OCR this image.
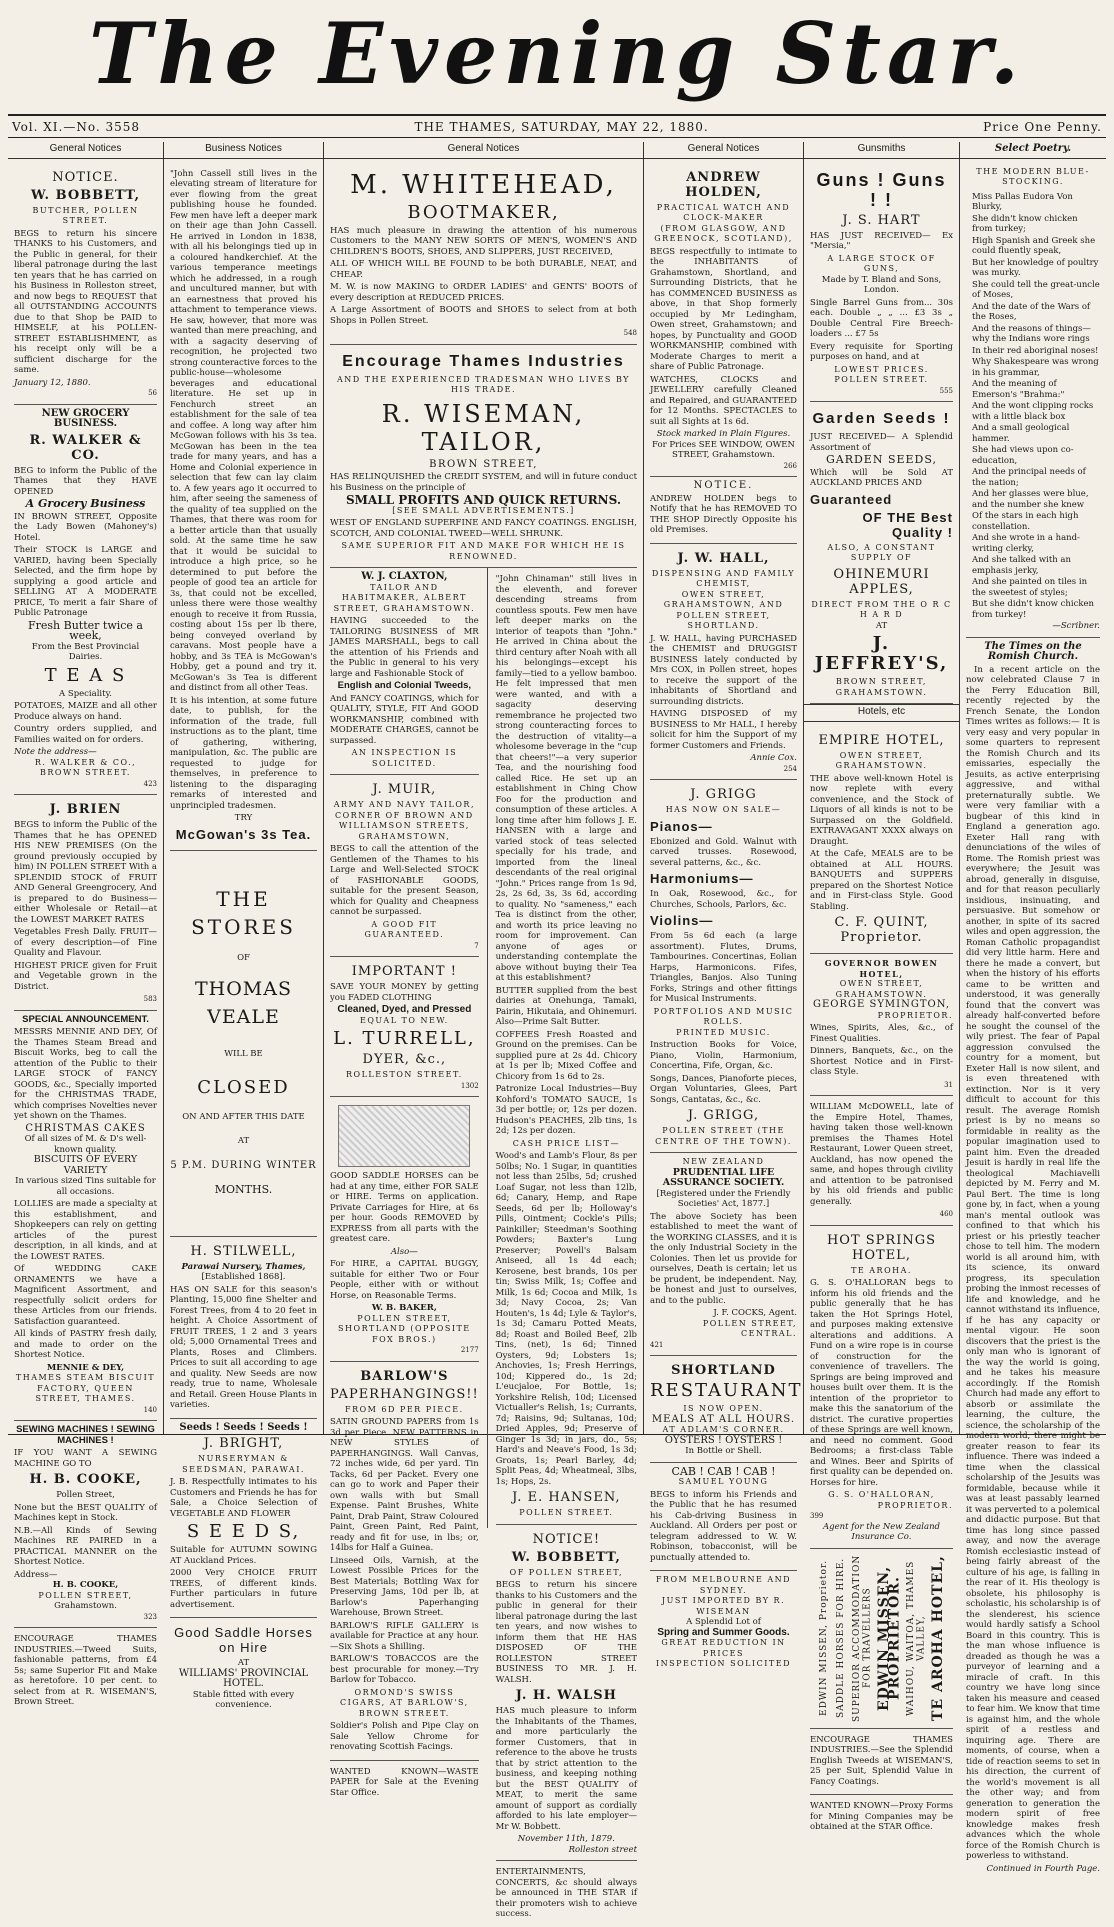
The Evening Star.
Vol. XI.—No. 3558	THE THAMES, SATURDAY, MAY 22, 1880.	Price One Penny.
General Notices
NOTICE.
W. BOBBETT,
BUTCHER, POLLEN STREET.

BEGS to return his sincere THANKS to his Customers, and the Public in general, for their liberal patronage during the last ten years that he has carried on his Business in Rolleston street, and now begs to REQUEST that all OUTSTANDING ACCOUNTS due to that Shop be PAID to HIMSELF, at his POLLEN-STREET ESTABLISHMENT, as his receipt only will be a sufficient discharge for the same.

January 12, 1880.
56
NEW GROCERY BUSINESS.
R. WALKER & CO.

BEG to inform the Public of the Thames that they HAVE OPENED

A Grocery Business

IN BROWN STREET, Opposite the Lady Bowen (Mahoney's) Hotel.

Their STOCK is LARGE and VARIED, having been Specially Selected, and the firm hope by supplying a good article and SELLING AT A MODERATE PRICE, To merit a fair Share of Public Patronage

Fresh Butter twice a week,
From the Best Provincial Dairies.
T E A S
A Speciality.

POTATOES, MAIZE and all other Produce always on hand.

Country orders supplied, and Families waited on for orders.

Note the address—
R. WALKER & CO., BROWN STREET.
423
J. BRIEN

BEGS to inform the Public of the Thames that he has OPENED HIS NEW PREMISES (On the ground previously occupied by him) IN POLLEN STREET With a SPLENDID STOCK of FRUIT AND General Greengrocery, And is prepared to do Business—either Wholesale or Retail—at the LOWEST MARKET RATES

Vegetables Fresh Daily. FRUIT—of every description—of Fine Quality and Flavour.

HIGHEST PRICE given for Fruit and Vegetable grown in the District.

583
SPECIAL ANNOUNCEMENT.

MESSRS MENNIE AND DEY, Of the Thames Steam Bread and Biscuit Works, beg to call the attention of the Public to their LARGE STOCK of FANCY GOODS, &c., Specially imported for the CHRISTMAS TRADE, which comprises Novelties never yet shown on the Thames.

CHRISTMAS CAKES
Of all sizes of M. & D's well-known quality.
BISCUITS OF EVERY VARIETY
In various sized Tins suitable for all occasions.

LOLLIES are made a specialty at this establishment, and Shopkeepers can rely on getting articles of the purest description, in all kinds, and at the LOWEST RATES.

Of WEDDING CAKE ORNAMENTS we have a Magnificent Assortment, and respectfully solicit orders for these Articles from our friends. Satisfaction guaranteed.

All kinds of PASTRY fresh daily, and made to order on the Shortest Notice.

MENNIE & DEY,
THAMES STEAM BISCUIT FACTORY, QUEEN STREET, THAMES.
140
SEWING MACHINES ! SEWING MACHINES !

IF YOU WANT A SEWING MACHINE GO TO

H. B. COOKE,
Pollen Street,

None but the BEST QUALITY of Machines kept in Stock.

N.B.—All Kinds of Sewing Machines RE PAIRED in a PRACTICAL MANNER on the Shortest Notice.

Address—
H. B. COOKE,
POLLEN STREET,
Grahamstown.
323

ENCOURAGE THAMES INDUSTRIES.—Tweed Suits, fashionable patterns, from £4 5s; same Superior Fit and Make as heretofore. 10 per cent. to select from at R. WISEMAN'S, Brown Street.

Business Notices

"John Cassell still lives in the elevating stream of literature for ever flowing from the great publishing house he founded. Few men have left a deeper mark on their age than John Cassell. He arrived in London in 1838, with all his belongings tied up in a coloured handkerchief. At the various temperance meetings which he addressed, in a rough and uncultured manner, but with an earnestness that proved his attachment to temperance views. He saw, however, that more was wanted than mere preaching, and with a sagacity deserving of recognition, he projected two strong counteractive forces to the public-house—wholesome beverages and educational literature. He set up in Fenchurch street an establishment for the sale of tea and coffee. A long way after him McGowan follows with his 3s tea. McGowan has been in the tea trade for many years, and has a Home and Colonial experience in selection that few can lay claim to. A few years ago it occurred to him, after seeing the sameness of the quality of tea supplied on the Thames, that there was room for a better article than that usually sold. At the same time he saw that it would be suicidal to introduce a high price, so he determined to put before the people of good tea an article for 3s, that could not be excelled, unless there were those wealthy enough to receive it from Russia, costing about 15s per lb there, being conveyed overland by caravans. Most people have a hobby, and 3s TEA is McGowan's Hobby, get a pound and try it. McGowan's 3s Tea is different and distinct from all other Teas.

It is his intention, at some future date, to publish, for the information of the trade, full instructions as to the plant, time of gathering, withering, manipulation, &c. The public are requested to judge for themselves, in preference to listening to the disparaging remarks of interested and unprincipled tradesmen.

TRY
McGowan's 3s Tea.
THE STORES
OF
THOMAS VEALE
WILL BE
CLOSED
ON AND AFTER THIS DATE
AT
5 P.M. DURING WINTER
MONTHS.
H. STILWELL,
Parawai Nursery, Thames,
[Established 1868].

HAS ON SALE for this season's Planting, 15,000 fine Shelter and Forest Trees, from 4 to 20 feet in height. A Choice Assortment of FRUIT TREES, 1 2 and 3 years old; 5,000 Ornamental Trees and Plants, Roses and Climbers. Prices to suit all according to age and quality. New Seeds are now ready, true to name, Wholesale and Retail. Green House Plants in varieties.

Seeds ! Seeds ! Seeds !
J. BRIGHT,
NURSERYMAN & SEEDSMAN, PARAWAI.

J. B. Respectfully intimates to his Customers and Friends he has for Sale, a Choice Selection of VEGETABLE AND FLOWER

S E E D S,

Suitable for AUTUMN SOWING AT Auckland Prices.

2000 Very CHOICE FRUIT TREES, of different kinds. Further particulars in future advertisement.

Good Saddle Horses on Hire
AT
WILLIAMS' PROVINCIAL HOTEL.
Stable fitted with every convenience.
General Notices
M. WHITEHEAD,
BOOTMAKER,

HAS much pleasure in drawing the attention of his numerous Customers to the MANY NEW SORTS OF MEN'S, WOMEN'S AND CHILDREN'S BOOTS, SHOES, AND SLIPPERS, JUST RECEIVED,

ALL OF WHICH WILL BE FOUND to be both DURABLE, NEAT, and CHEAP.

M. W. is now MAKING to ORDER LADIES' and GENTS' BOOTS of every description at REDUCED PRICES.

A Large Assortment of BOOTS and SHOES to select from at both Shops in Pollen Street.

548
Encourage Thames Industries
AND THE EXPERIENCED TRADESMAN WHO LIVES BY HIS TRADE.
R. WISEMAN, TAILOR,
BROWN STREET,

HAS RELINQUISHED the CREDIT SYSTEM, and will in future conduct his Business on the principle of

SMALL PROFITS AND QUICK RETURNS.
[SEE SMALL ADVERTISEMENTS.]

WEST OF ENGLAND SUPERFINE AND FANCY COATINGS. ENGLISH, SCOTCH, AND COLONIAL TWEED—WELL SHRUNK.

SAME SUPERIOR FIT AND MAKE FOR WHICH HE IS RENOWNED.
W. J. CLAXTON,
TAILOR AND HABITMAKER, ALBERT STREET, GRAHAMSTOWN.

HAVING succeeded to the TAILORING BUSINESS of MR JAMES MARSHALL, begs to call the attention of his Friends and the Public in general to his very large and Fashionable Stock of

English and Colonial Tweeds,

And FANCY COATINGS, which for QUALITY, STYLE, FIT And GOOD WORKMANSHIP, combined with MODERATE CHARGES, cannot be surpassed.

AN INSPECTION IS SOLICITED.
J. MUIR,
ARMY AND NAVY TAILOR, CORNER OF BROWN AND WILLIAMSON STREETS, GRAHAMSTOWN,

BEGS to call the attention of the Gentlemen of the Thames to his Large and Well-Selected STOCK of FASHIONABLE GOODS, suitable for the present Season, which for Quality and Cheapness cannot be surpassed.

A GOOD FIT GUARANTEED.
7
IMPORTANT !

SAVE YOUR MONEY by getting you FADED CLOTHING

Cleaned, Dyed, and Pressed
EQUAL TO NEW.
L. TURRELL,
DYER, &c.,
ROLLESTON STREET.
1302

GOOD SADDLE HORSES can be had at any time, either FOR SALE or HIRE. Terms on application. Private Carriages for Hire, at 6s per hour. Goods REMOVED by EXPRESS from all parts with the greatest care.

Also—

For HIRE, a CAPITAL BUGGY, suitable for either Two or Four People, either with or without Horse, on Reasonable Terms.

W. B. BAKER,
POLLEN STREET, SHORTLAND (OPPOSITE FOX BROS.)
2177
BARLOW'S
PAPERHANGINGS!!
FROM 6D PER PIECE.

SATIN GROUND PAPERS from 1s 3d per Piece. NEW PATTERNS in NEW STYLES of PAPERHANGINGS. Wall Canvas, 72 inches wide, 6d per yard. Tin Tacks, 6d per Packet. Every one can go to work and Paper their own walls with but Small Expense. Paint Brushes, White Paint, Drab Paint, Straw Coloured Paint, Green Paint, Red Paint, ready and fit for use, in lbs; or, 14lbs for Half a Guinea.

Linseed Oils, Varnish, at the Lowest Possible Prices for the Best Materials; Bottling Wax for Preserving Jams, 10d per lb, at Barlow's Paperhanging Warehouse, Brown Street.

BARLOW'S RIFLE GALLERY is available for Practice at any hour.—Six Shots a Shilling.

BARLOW'S TOBACCOS are the best procurable for money.—Try Barlow for Tobacco.

ORMOND'S SWISS CIGARS, AT BARLOW'S, BROWN STREET.

Soldier's Polish and Pipe Clay on Sale Yellow Chrome for renovating Scottish Facings.

WANTED KNOWN—WASTE PAPER for Sale at the Evening Star Office.

"John Chinaman" still lives in the eleventh, and forever descending streams from countless spouts. Few men have left deeper marks on the interior of teapots than "John." He arrived in China about the third century after Noah with all his belongings—except his family—tied to a yellow bamboo. He felt impressed that men were wanted, and with a sagacity deserving remembrance he projected two strong counteracting forces to the destruction of vitality—a wholesome beverage in the "cup that cheers!"—a very superior Tea, and the nourishing food called Rice. He set up an establishment in Ching Chow Foo for the production and consumption of these articles. A long time after him follows J. E. HANSEN with a large and varied stock of teas selected specially for his trade, and imported from the lineal descendants of the real original "John." Prices range from 1s 9d, 2s, 2s 6d, 3s, 3s 6d, according to quality. No "sameness," each Tea is distinct from the other, and worth its price leaving no room for improvement. Can anyone of ages or understanding contemplate the above without buying their Tea at this establishment?

BUTTER supplied from the best dairies at Onehunga, Tamaki, Pairin, Hikutaia, and Ohinemuri. Also—Prime Salt Butter.

COFFEES Fresh Roasted and Ground on the premises. Can be supplied pure at 2s 4d. Chicory at 1s per lb; Mixed Coffee and Chicory from 1s 6d to 2s.

Patronize Local Industries—Buy Kohford's TOMATO SAUCE, 1s 3d per bottle; or, 12s per dozen. Hudson's PEACHES, 2lb tins, 1s 2d; 12s per dozen.

CASH PRICE LIST—

Wood's and Lamb's Flour, 8s per 50lbs; No. 1 Sugar, in quantities not less than 25lbs, 5d; crushed Loaf Sugar, not less than 12lb, 6d; Canary, Hemp, and Rape Seeds, 6d per lb; Holloway's Pills, Ointment; Cockle's Pills; Painkiller; Steedman's Soothing Powders; Baxter's Lung Preserver; Powell's Balsam Aniseed, all 1s 4d each; Kerosene, best brands, 10s per tin; Swiss Milk, 1s; Coffee and Milk, 1s 6d; Cocoa and Milk, 1s 3d; Navy Cocoa, 2s; Van Houten's, 1s 4d; Lyle & Taylor's, 1s 3d; Camaru Potted Meats, 8d; Roast and Boiled Beef, 2lb Tins, (net), 1s 6d; Tinned Oysters, 9d; Lobsters 1s; Anchovies, 1s; Fresh Herrings, 10d; Kippered do., 1s 2d; L'eucjaloe, For Bottle, 1s; Yorkshire Relish, 10d; Licensed Victualler's Relish, 1s; Currants, 7d; Raisins, 9d; Sultanas, 10d; Dried Apples, 9d; Preserve of Ginger 1s 3d; in jars, do., 5s; Hard's and Neave's Food, 1s 3d; Groats, 1s; Pearl Barley, 4d; Split Peas, 4d; Wheatmeal, 3lbs, 1s; Hops, 2s.

J. E. HANSEN,
POLLEN STREET.
NOTICE!
W. BOBBETT,
OF POLLEN STREET,

BEGS to return his sincere thanks to his Customers and the public in general for their liberal patronage during the last ten years, and now wishes to inform them that HE HAS DISPOSED OF THE ROLLESTON STREET BUSINESS TO MR. J. H. WALSH.

J. H. WALSH

HAS much pleasure to inform the Inhabitants of the Thames, and more particularly the former Customers, that in reference to the above he trusts that by strict attention to the business, and keeping nothing but the BEST QUALITY of MEAT, to merit the same amount of support as cordially afforded to his late employer—Mr W. Bobbett.

November 11th, 1879.
Rolleston street

ENTERTAINMENTS, CONCERTS, &c should always be announced in THE STAR if their promoters wish to achieve success.

General Notices
ANDREW HOLDEN,
PRACTICAL WATCH AND CLOCK-MAKER
(FROM GLASGOW, AND GREENOCK, SCOTLAND),

BEGS respectfully to intimate to the INHABITANTS of Grahamstown, Shortland, and Surrounding Districts, that he has COMMENCED BUSINESS as above, in that Shop formerly occupied by Mr Ledingham, Owen street, Grahamstown; and hopes, by Punctuality and GOOD WORKMANSHIP, combined with Moderate Charges to merit a share of Public Patronage.

WATCHES, CLOCKS and JEWELLERY carefully Cleaned and Repaired, and GUARANTEED for 12 Months. SPECTACLES to suit all Sights at 1s 6d.

Stock marked in Plain Figures.
For Prices SEE WINDOW, OWEN STREET, Grahamstown.
266
NOTICE.

ANDREW HOLDEN begs to Notify that he has REMOVED TO THE SHOP Directly Opposite his old Premises.

J. W. HALL,
DISPENSING AND FAMILY CHEMIST,
OWEN STREET, GRAHAMSTOWN, AND POLLEN STREET, SHORTLAND.

J. W. HALL, having PURCHASED the CHEMIST and DRUGGIST BUSINESS lately conducted by Mrs COX, in Pollen street, hopes to receive the support of the inhabitants of Shortland and surrounding districts.

HAVING DISPOSED of my BUSINESS to Mr HALL, I hereby solicit for him the Support of my former Customers and Friends.

Annie Cox.
254
J. GRIGG
HAS NOW ON SALE—
Pianos—

Ebonized and Gold. Walnut with carved trusses. Rosewood, several patterns, &c., &c.

Harmoniums—

In Oak, Rosewood, &c., for Churches, Schools, Parlors, &c.

Violins—

From 5s 6d each (a large assortment). Flutes, Drums, Tambourines. Concertinas, Eolian Harps, Harmonicons. Fifes, Triangles, Banjos. Also Tuning Forks, Strings and other fittings for Musical Instruments.

PORTFOLIOS AND MUSIC ROLLS.
PRINTED MUSIC.

Instruction Books for Voice, Piano, Violin, Harmonium, Concertina, Fife, Organ, &c.

Songs, Dances, Pianoforte pieces, Organ Voluntaries, Glees, Part Songs, Cantatas, &c., &c.

J. GRIGG,
POLLEN STREET (THE CENTRE OF THE TOWN).
NEW ZEALAND
PRUDENTIAL LIFE ASSURANCE SOCIETY.
[Registered under the Friendly Societies' Act, 1877.]

The above Society has been established to meet the want of the WORKING CLASSES, and it is the only Industrial Society in the Colonies. Then let us provide for ourselves, Death is certain; let us be prudent, be independent. Nay, be honest and just to ourselves, and to the public.

J. F. COCKS, Agent.
POLLEN STREET, CENTRAL.
421
SHORTLAND
RESTAURANT
IS NOW OPEN.
MEALS AT ALL HOURS.
AT ADLAM'S CORNER.
OYSTERS ! OYSTERS !
In Bottle or Shell.
CAB ! CAB ! CAB !
SAMUEL YOUNG

BEGS to inform his Friends and the Public that he has resumed his Cab-driving Business in Auckland. All Orders per post or telegram addressed to W. W. Robinson, tobacconist, will be punctually attended to.

FROM MELBOURNE AND SYDNEY.
JUST IMPORTED BY R. WISEMAN
A Splendid Lot of
Spring and Summer Goods.
GREAT REDUCTION IN PRICES
INSPECTION SOLICITED
Gunsmiths
Guns ! Guns ! !
J. S. HART

HAS JUST RECEIVED— Ex "Mersia,"

A LARGE STOCK OF GUNS,
Made by T. Bland and Sons, London.

Single Barrel Guns from... 30s each. Double „ „ ... £3 3s „ Double Central Fire Breech-loaders ... £7 5s

Every requisite for Sporting purposes on hand, and at

LOWEST PRICES.
POLLEN STREET.
555
Garden Seeds !

JUST RECEIVED— A Splendid Assortment of

GARDEN SEEDS,

Which will be Sold AT AUCKLAND PRICES AND

Guaranteed
OF THE Best Quality !
ALSO, A CONSTANT SUPPLY OF
OHINEMURI APPLES,
DIRECT FROM THE O R C H A R D
AT
J. JEFFREY'S,
BROWN STREET, GRAHAMSTOWN.
Hotels, etc
EMPIRE HOTEL,
OWEN STREET, GRAHAMSTOWN.

THE above well-known Hotel is now replete with every convenience, and the Stock of Liquors of all kinds is not to be Surpassed on the Goldfield. EXTRAVAGANT XXXX always on Draught.

At the Cafe, MEALS are to be obtained at ALL HOURS. BANQUETS and SUPPERS prepared on the Shortest Notice and in First-class Style. Good Stabling.

C. F. QUINT, Proprietor.
GOVERNOR BOWEN HOTEL,
OWEN STREET, GRAHAMSTOWN.
GEORGE SYMINGTON,
PROPRIETOR.

Wines, Spirits, Ales, &c., of Finest Qualities.

Dinners, Banquets, &c., on the Shortest Notice and in First-class Style.

31

WILLIAM McDOWELL, late of the Empire Hotel, Thames, having taken those well-known premises the Thames Hotel Restaurant, Lower Queen street, Auckland, has now opened the same, and hopes through civility and attention to be patronised by his old friends and public generally.

460
HOT SPRINGS HOTEL,
TE AROHA.

G. S. O'HALLORAN begs to inform his old friends and the public generally that he has taken the Hot Springs Hotel, and purposes making extensive alterations and additions. A Fund on a wire rope is in course of construction for the convenience of travellers. The Springs are being improved and houses built over them. It is the intention of the proprietor to make this the sanatorium of the district. The curative properties of these Springs are well known, and need no comment. Good Bedrooms; a first-class Table and Wines. Beer and Spirits of first quality can be depended on. Horses for hire.

G. S. O'HALLORAN,
PROPRIETOR.
399
Agent for the New Zealand Insurance Co.
EDWIN MISSEN, Proprietor. SADDLE HORSES FOR HIRE. SUPERIOR ACCOMMODATION FOR TRAVELLERS EDWIN MISSEN, PROPRIETOR. WAIHOU, WAITOA, THAMES VALLEY, TE AROHA HOTEL,

ENCOURAGE THAMES INDUSTRIES.—See the Splendid English Tweeds at WISEMAN'S, 25 per Suit, Splendid Value in Fancy Coatings.

WANTED KNOWN—Proxy Forms for Mining Companies may be obtained at the STAR Office.

Select Poetry.
THE MODERN BLUE-STOCKING.

Miss Pallas Eudora Von Blurky,

She didn't know chicken from turkey;

High Spanish and Greek she could fluently speak,

But her knowledge of poultry was murky.

She could tell the great-uncle of Moses,

And the date of the Wars of the Roses,

And the reasons of things—why the Indians wore rings

In their red aboriginal noses!

Why Shakespeare was wrong in his grammar,

And the meaning of Emerson's "Brahma:"

And the wont clipping rocks with a little black box

And a small geological hammer.

She had views upon co-education,

And the principal needs of the nation;

And her glasses were blue, and the number she knew

Of the stars in each high constellation.

And she wrote in a hand-writing clerky,

And she talked with an emphasis jerky,

And she painted on tiles in the sweetest of styles;

But she didn't know chicken from turkey!

—Scribner.
The Times on the Romish Church.

In a recent article on the now celebrated Clause 7 in the Ferry Education Bill, recently rejected by the French Senate, the London Times writes as follows:— It is very easy and very popular in some quarters to represent the Romish Church and its emissaries, especially the Jesuits, as active enterprising aggressive, and withal preternaturally subtle. We were very familiar with a bugbear of this kind in England a generation ago. Exeter Hall rang with denunciations of the wiles of Rome. The Romish priest was everywhere; the Jesuit was abroad, generally in disguise, and for that reason peculiarly insidious, insinuating, and persuasive. But somehow or another, in spite of its sacred wiles and open aggression, the Roman Catholic propagandist did very little harm. Here and there he made a convert, but when the history of his efforts came to be written and understood, it was generally found that the convert was already half-converted before he sought the counsel of the wily priest. The fear of Papal aggression convulsed the country for a moment, but Exeter Hall is now silent, and is even threatened with extinction. Nor is it very difficult to account for this result. The average Romish priest is by no means so formidable in reality as the popular imagination used to paint him. Even the dreaded Jesuit is hardly in real life the theological Machiavelli depicted by M. Ferry and M. Paul Bert. The time is long gone by, in fact, when a young man's mental outlook was confined to that which his priest or his priestly teacher chose to tell him. The modern world is all around him, with its science, its onward progress, its speculation probing the inmost recesses of life and knowledge, and he cannot withstand its influence, if he has any capacity or mental vigour. He soon discovers that the priest is the only man who is ignorant of the way the world is going, and he takes his measure accordingly. If the Romish Church had made any effort to absorb or assimilate the learning, the culture, the science, the scholarship of the modern world, there might be greater reason to fear its influence. There was indeed a time when the classical scholarship of the Jesuits was formidable, because while it was at least passably learned it was perverted to a polemical and didactic purpose. But that time has long since passed away, and now the average Romish ecclesiastic instead of being fairly abreast of the culture of his age, is falling in the rear of it. His theology is obsolete, his philosophy is scholastic, his scholarship is of the slenderest, his science would hardly satisfy a School Board in this country. This is the man whose influence is dreaded as though he was a purveyor of learning and a miracle of craft. In this country we have long since taken his measure and ceased to fear him. We know that time is against him, and the whole spirit of a restless and inquiring age. There are moments, of course, when a tide of reaction seems to set in his direction, the current of the world's movement is all the other way; and from generation to generation the modern spirit of free knowledge makes fresh advances which the whole force of the Romish Church is powerless to withstand.

Continued in Fourth Page.
